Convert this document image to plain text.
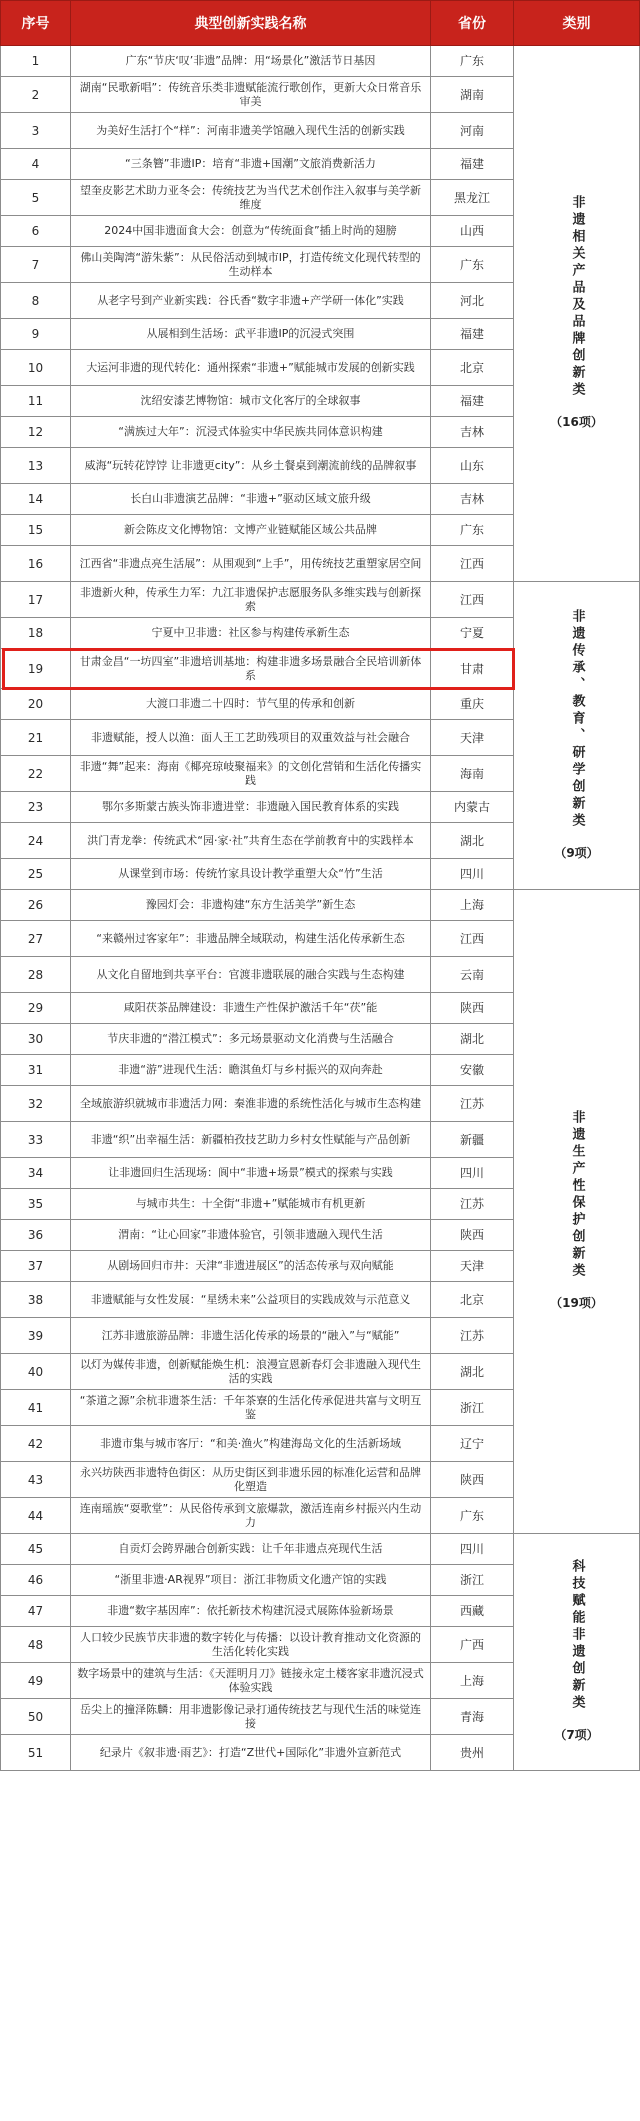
序号	典型创新实践名称	省份	类别
1	广东“节庆‘叹’非遗”品牌：用“场景化”激活节日基因	广东	非遗相关产品及品牌创新类
（16项）

2	湖南“民歌新唱”：传统音乐类非遗赋能流行歌创作，更新大众日常音乐审美	湖南	
3	为美好生活打个“样”：河南非遗美学馆融入现代生活的创新实践	河南	
4	“三条簪”非遗IP：培育“非遗+国潮”文旅消费新活力	福建	
5	望奎皮影艺术助力亚冬会：传统技艺为当代艺术创作注入叙事与美学新维度	黑龙江	
6	2024中国非遗面食大会：创意为“传统面食”插上时尚的翅膀	山西	
7	佛山美陶湾“游朱紫”：从民俗活动到城市IP，打造传统文化现代转型的生动样本	广东	
8	从老字号到产业新实践：谷氏香“数字非遗+产学研一体化”实践	河北	
9	从展相到生活场：武平非遗IP的沉浸式突围	福建	
10	大运河非遗的现代转化：通州探索“非遗+”赋能城市发展的创新实践	北京	
11	沈绍安漆艺博物馆：城市文化客厅的全球叙事	福建	
12	“满族过大年”：沉浸式体验实中华民族共同体意识构建	吉林	
13	威海“玩转花饽饽 让非遗更city”：从乡土餐桌到潮流前线的品牌叙事	山东	
14	长白山非遗演艺品牌：“非遗+”驱动区域文旅升级	吉林	
15	新会陈皮文化博物馆：文博产业链赋能区域公共品牌	广东	
16	江西省“非遗点亮生活展”：从围观到“上手”，用传统技艺重塑家居空间	江西	
17	非遗新火种，传承生力军：九江非遗保护志愿服务队多维实践与创新探索	江西	非遗传承、教育、研学创新类
（9项）

18	宁夏中卫非遗：社区参与构建传承新生态	宁夏	
19	甘肃金昌“一坊四室”非遗培训基地：构建非遗多场景融合全民培训新体系	甘肃	
20	大渡口非遗二十四时：节气里的传承和创新	重庆	
21	非遗赋能，授人以渔：面人王工艺助残项目的双重效益与社会融合	天津	
22	非遗“舞”起来：海南《椰亮琼岐聚福来》的文创化营销和生活化传播实践	海南	
23	鄂尔多斯蒙古族头饰非遗进堂：非遗融入国民教育体系的实践	内蒙古	
24	洪门青龙拳：传统武术“园·家·社”共育生态在学前教育中的实践样本	湖北	
25	从课堂到市场：传统竹家具设计教学重塑大众“竹”生活	四川	
26	豫园灯会：非遗构建“东方生活美学”新生态	上海	非遗生产性保护创新类
（19项）

27	“来赣州过客家年”：非遗品牌全域联动，构建生活化传承新生态	江西	
28	从文化自留地到共享平台：官渡非遗联展的融合实践与生态构建	云南	
29	咸阳茯茶品牌建设：非遗生产性保护激活千年“茯”能	陕西	
30	节庆非遗的“潜江模式”：多元场景驱动文化消费与生活融合	湖北	
31	非遗“游”进现代生活：瞻淇鱼灯与乡村振兴的双向奔赴	安徽	
32	全域旅游织就城市非遗活力网：秦淮非遗的系统性活化与城市生态构建	江苏	
33	非遗“织”出幸福生活：新疆柏孜技艺助力乡村女性赋能与产品创新	新疆	
34	让非遗回归生活现场：阆中“非遗+场景”模式的探索与实践	四川	
35	与城市共生：十全街“非遗+”赋能城市有机更新	江苏	
36	渭南：“让心回家”非遗体验官，引领非遗融入现代生活	陕西	
37	从剧场回归市井：天津“非遗进展区”的活态传承与双向赋能	天津	
38	非遗赋能与女性发展：“星绣未来”公益项目的实践成效与示范意义	北京	
39	江苏非遗旅游品牌：非遗生活化传承的场景的“融入”与“赋能”	江苏	
40	以灯为媒传非遗，创新赋能焕生机：浪漫宣恩新春灯会非遗融入现代生活的实践	湖北	
41	“茶道之源”余杭非遗茶生活：千年茶寮的生活化传承促进共富与文明互鉴	浙江	
42	非遗市集与城市客厅：“和美·渔火”构建海岛文化的生活新场域	辽宁	
43	永兴坊陕西非遗特色街区：从历史街区到非遗乐园的标准化运营和品牌化塑造	陕西	
44	连南瑶族“耍歌堂”：从民俗传承到文旅爆款，激活连南乡村振兴内生动力	广东	
45	自贡灯会跨界融合创新实践：让千年非遗点亮现代生活	四川	科技赋能非遗创新类
（7项）

46	“浙里非遗·AR视界”项目：浙江非物质文化遗产馆的实践	浙江	
47	非遗“数字基因库”：依托新技术构建沉浸式展陈体验新场景	西藏	
48	人口较少民族节庆非遗的数字转化与传播：以设计教育推动文化资源的生活化转化实践	广西	
49	数字场景中的建筑与生活：《天涯明月刀》链接永定土楼客家非遗沉浸式体验实践	上海	
50	岳尖上的撞泽陈麟：用非遗影像记录打通传统技艺与现代生活的味觉连接	青海	
51	纪录片《叙非遗·雨艺》：打造“Z世代+国际化”非遗外宣新范式	贵州	
